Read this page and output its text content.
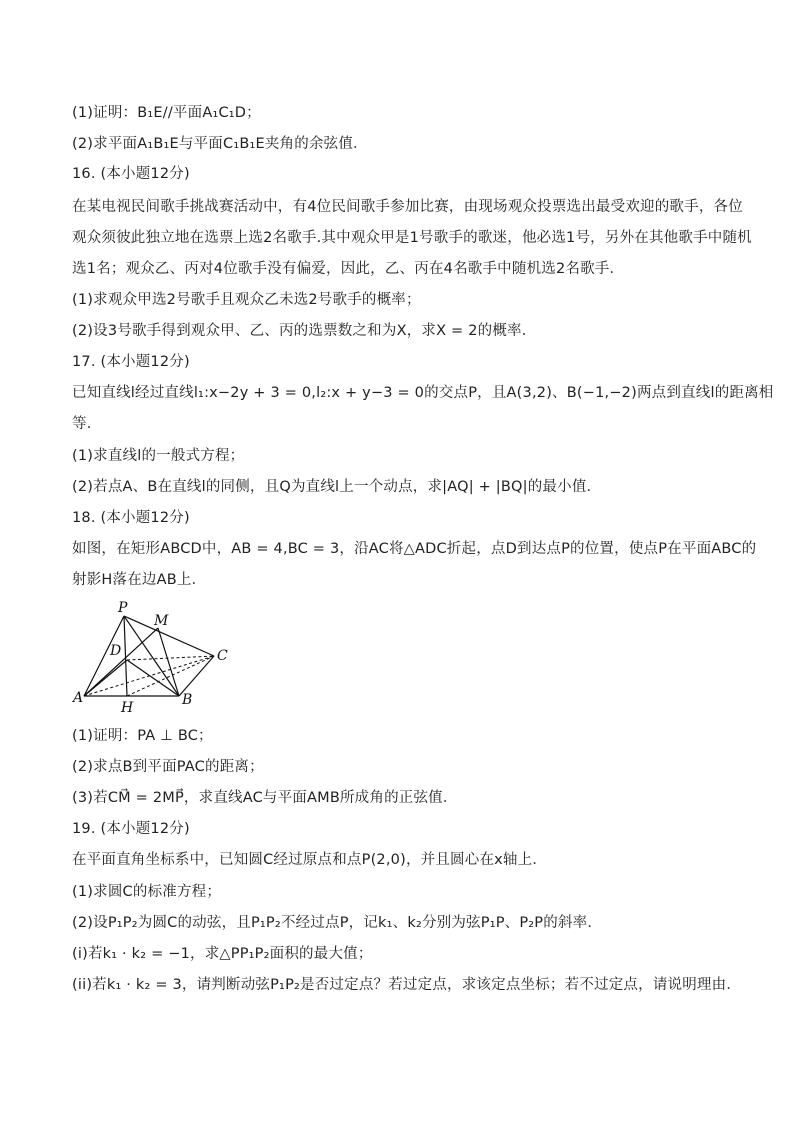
(1)证明：B₁E//平面A₁C₁D；
(2)求平面A₁B₁E与平面C₁B₁E夹角的余弦值．
16. (本小题12分)
在某电视民间歌手挑战赛活动中，有4位民间歌手参加比赛，由现场观众投票选出最受欢迎的歌手，各位
观众须彼此独立地在选票上选2名歌手.其中观众甲是1号歌手的歌迷，他必选1号，另外在其他歌手中随机
选1名；观众乙、丙对4位歌手没有偏爱，因此，乙、丙在4名歌手中随机选2名歌手．
(1)求观众甲选2号歌手且观众乙未选2号歌手的概率；
(2)设3号歌手得到观众甲、乙、丙的选票数之和为X，求X = 2的概率．
17. (本小题12分)
已知直线l经过直线l₁:x−2y + 3 = 0,l₂:x + y−3 = 0的交点P，且A(3,2)、B(−1,−2)两点到直线l的距离相
等．
(1)求直线l的一般式方程；
(2)若点A、B在直线l的同侧，且Q为直线l上一个动点，求|AQ| + |BQ|的最小值．
18. (本小题12分)
如图，在矩形ABCD中，AB = 4,BC = 3，沿AC将△ADC折起，点D到达点P的位置，使点P在平面ABC的
射影H落在边AB上．
P
M
D	C
A
H	B
(1)证明：PA ⊥ BC；
(2)求点B到平面PAC的距离；
(3)若CM⃗ = 2MP⃗，求直线AC与平面AMB所成角的正弦值．
19. (本小题12分)
在平面直角坐标系中，已知圆C经过原点和点P(2,0)，并且圆心在x轴上．
(1)求圆C的标准方程；
(2)设P₁P₂为圆C的动弦，且P₁P₂不经过点P，记k₁、k₂分别为弦P₁P、P₂P的斜率．
(i)若k₁ · k₂ = −1，求△PP₁P₂面积的最大值；
(ii)若k₁ · k₂ = 3，请判断动弦P₁P₂是否过定点？若过定点，求该定点坐标；若不过定点，请说明理由．
